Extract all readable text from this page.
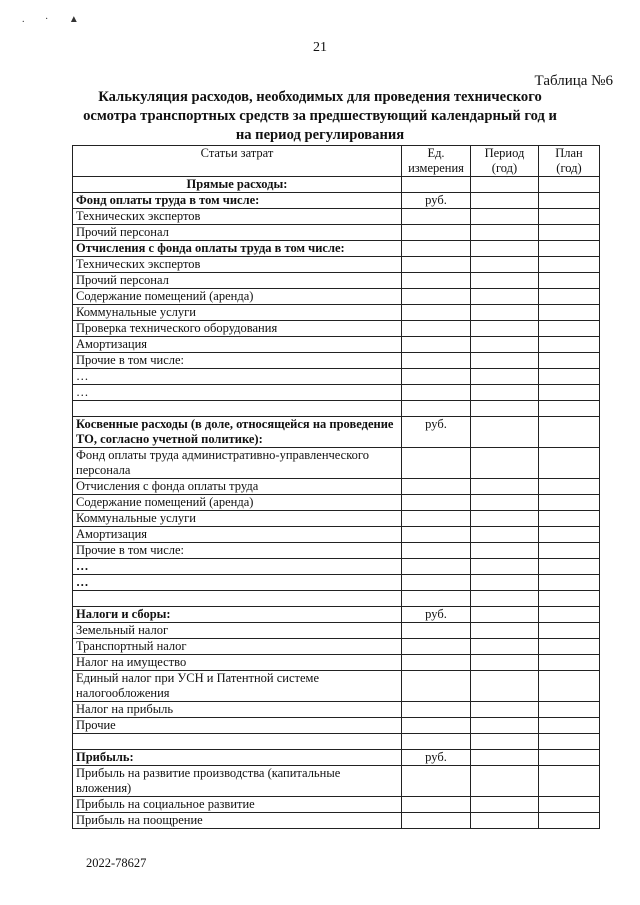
. · ▲
21
Таблица №6
Калькуляция расходов, необходимых для проведения технического осмотра транспортных средств за предшествующий календарный год и на период регулирования
Статьи затрат	Ед. измерения	Период (год)	План (год)
Прямые расходы:			
Фонд оплаты труда в том числе:	руб.		
Технических экспертов			
Прочий персонал			
Отчисления с фонда оплаты труда в том числе:			
Технических экспертов			
Прочий персонал			
Содержание помещений (аренда)			
Коммунальные услуги			
Проверка технического оборудования			
Амортизация			
Прочие в том числе:			
…			
…			

Косвенные расходы (в доле, относящейся на проведение ТО, согласно учетной политике):	руб.		
Фонд оплаты труда административно-управленческого персонала			
Отчисления с фонда оплаты труда			
Содержание помещений (аренда)			
Коммунальные услуги			
Амортизация			
Прочие в том числе:			
…			
…			

Налоги и сборы:	руб.		
Земельный налог			
Транспортный налог			
Налог на имущество			
Единый налог при УСН и Патентной системе налогообложения			
Налог на прибыль			
Прочие			

Прибыль:	руб.		
Прибыль на развитие производства (капитальные вложения)			
Прибыль на социальное развитие			
Прибыль на поощрение			
2022-78627
